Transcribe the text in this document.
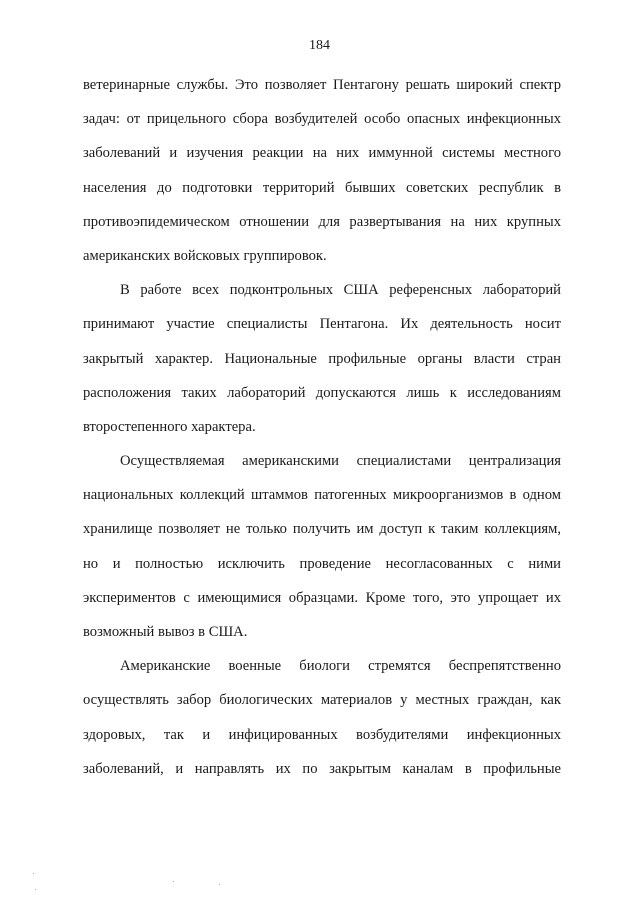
184
ветеринарные службы. Это позволяет Пентагону решать широкий спектр
задач: от прицельного сбора возбудителей особо опасных инфекционных
заболеваний и изучения реакции на них иммунной системы местного
населения до подготовки территорий бывших советских республик в
противоэпидемическом отношении для развертывания на них крупных
американских войсковых группировок.
В работе всех подконтрольных США референсных лабораторий
принимают участие специалисты Пентагона. Их деятельность носит
закрытый характер. Национальные профильные органы власти стран
расположения таких лабораторий допускаются лишь к исследованиям
второстепенного характера.
Осуществляемая американскими специалистами централизация
национальных коллекций штаммов патогенных микроорганизмов в одном
хранилище позволяет не только получить им доступ к таким коллекциям,
но и полностью исключить проведение несогласованных с ними
экспериментов с имеющимися образцами. Кроме того, это упрощает их
возможный вывоз в США.
Американские военные биологи стремятся беспрепятственно
осуществлять забор биологических материалов у местных граждан, как
здоровых, так и инфицированных возбудителями инфекционных
заболеваний, и направлять их по закрытым каналам в профильные
